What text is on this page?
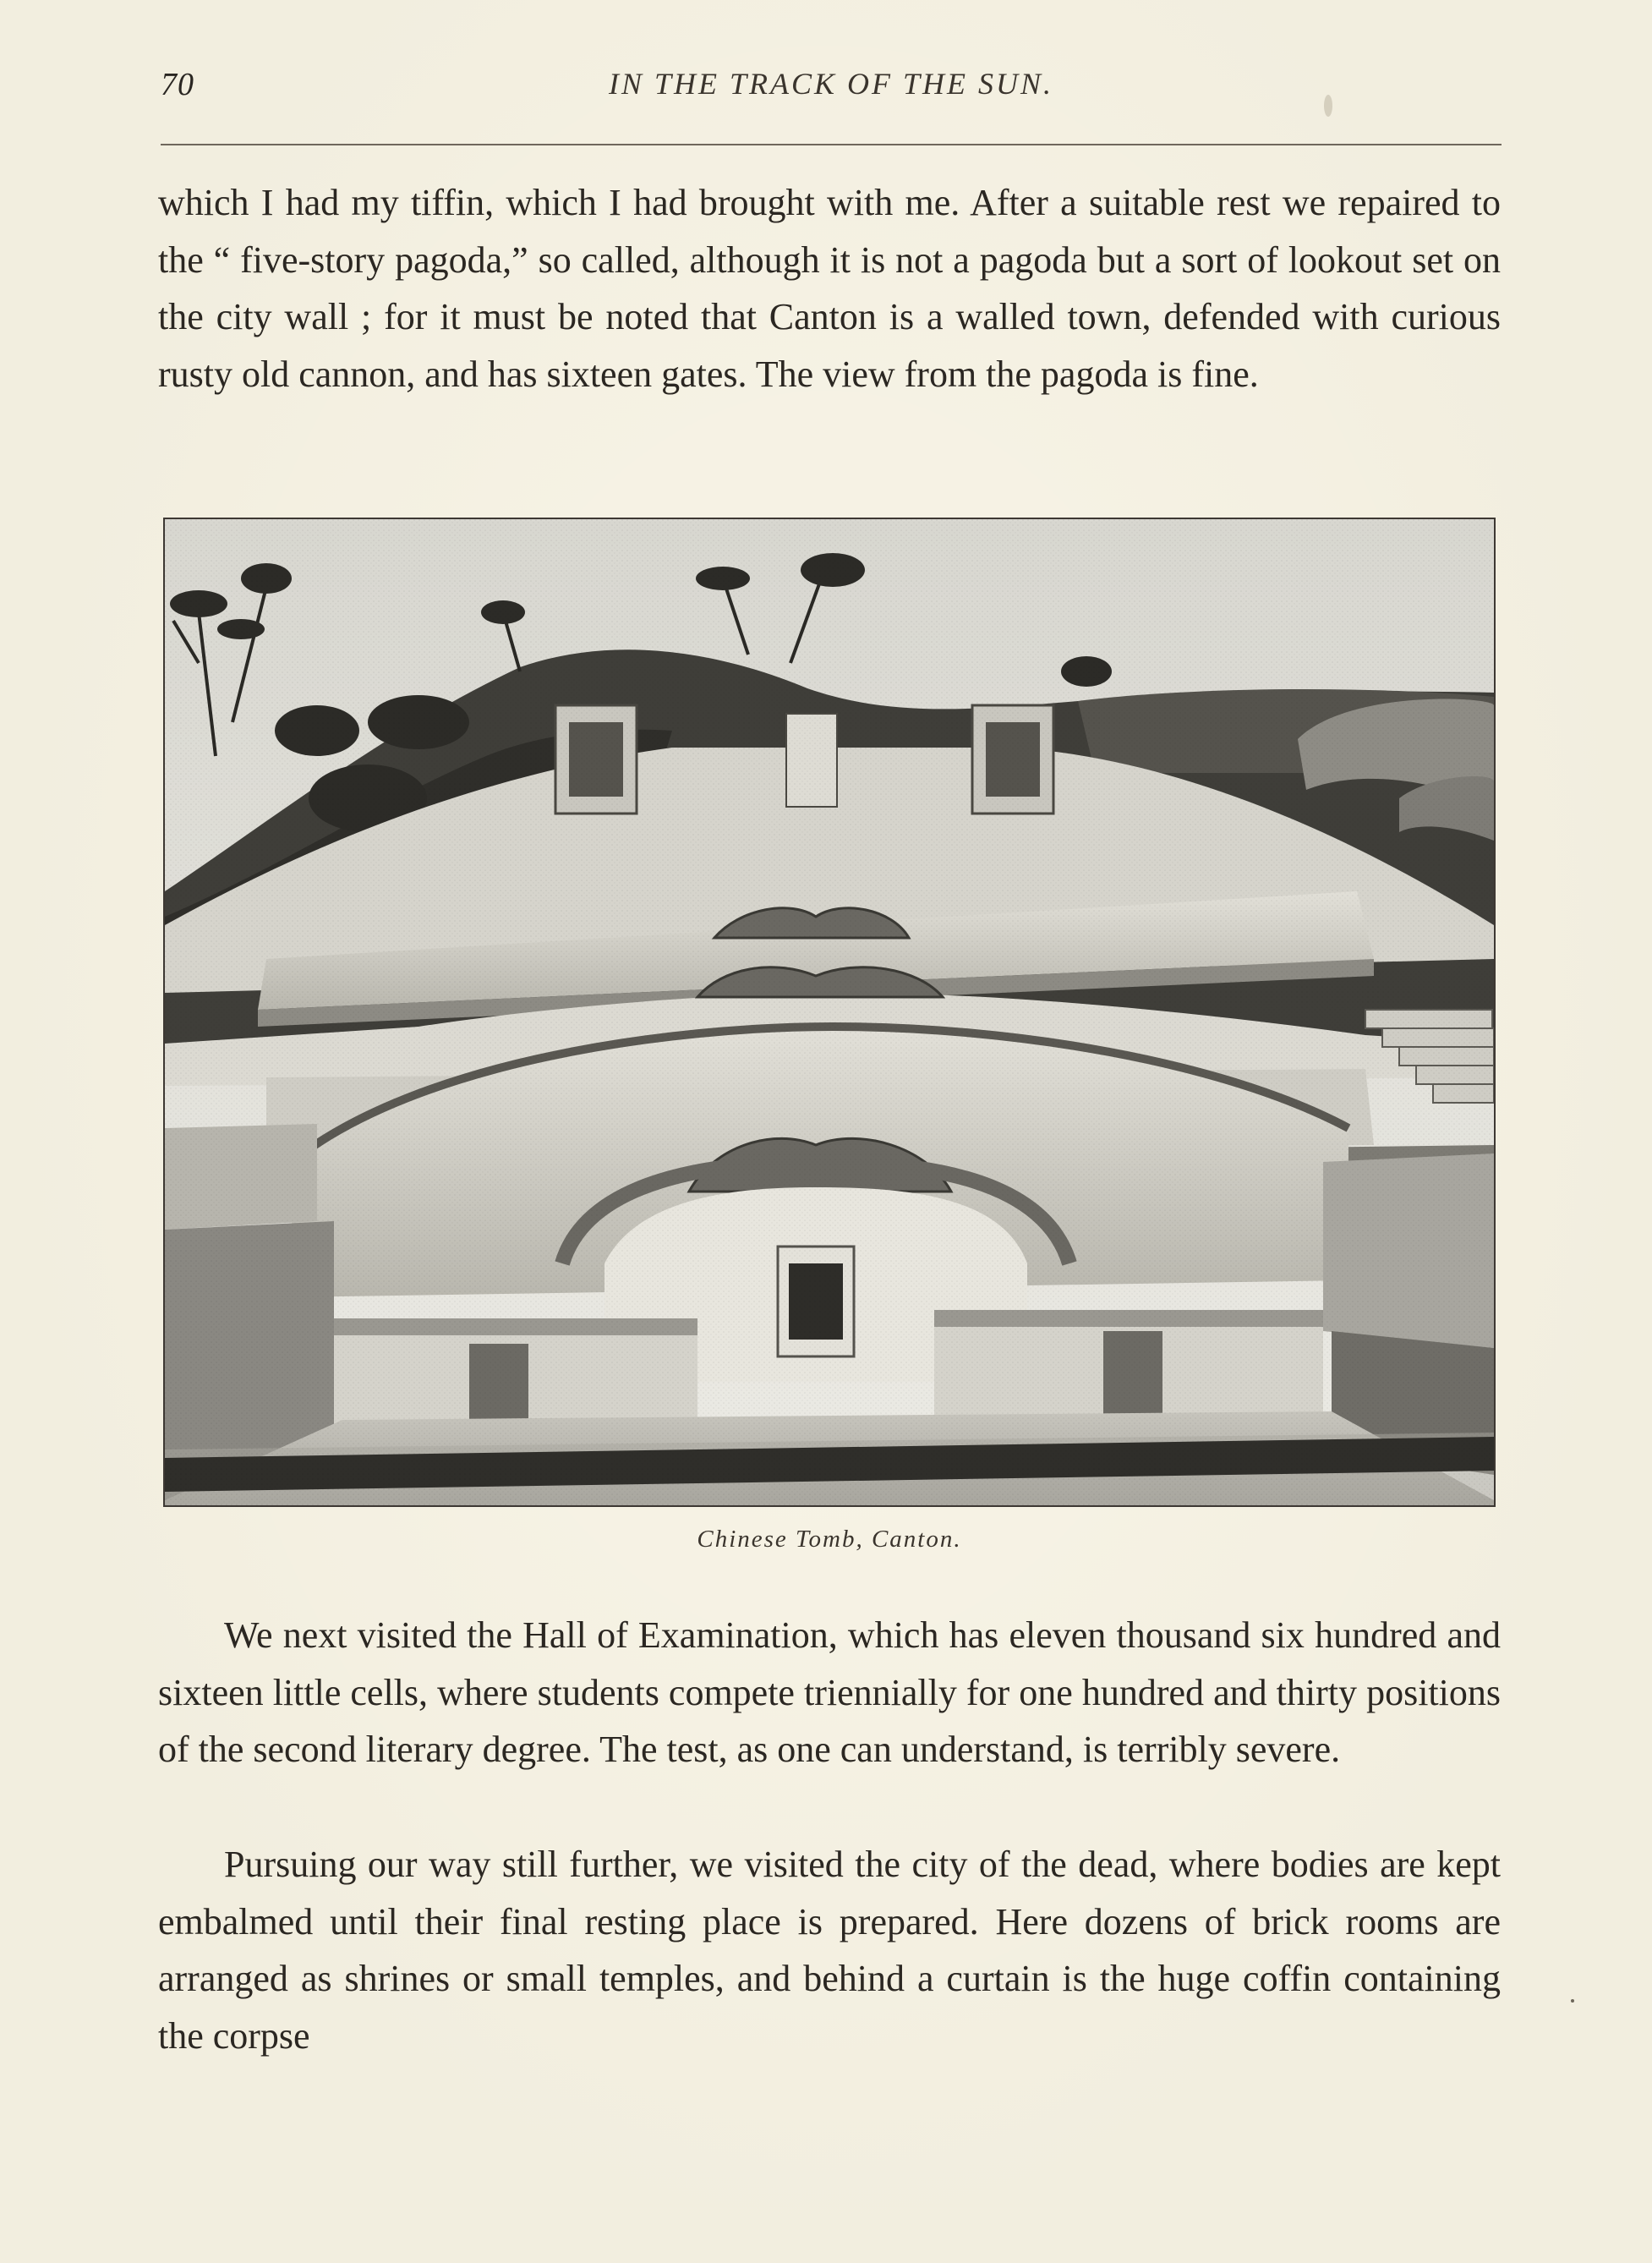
70	IN THE TRACK OF THE SUN.

which I had my tiffin, which I had brought with me. After a suitable rest we repaired to the “ five-story pagoda,” so called, although it is not a pagoda but a sort of lookout set on the city wall ; for it must be noted that Canton is a walled town, defended with curious rusty old cannon, and has sixteen gates. The view from the pagoda is fine.

Chinese Tomb, Canton.

We next visited the Hall of Examination, which has eleven thousand six hundred and sixteen little cells, where students compete triennially for one hundred and thirty positions of the second literary degree. The test, as one can understand, is terribly severe.

Pursuing our way still further, we visited the city of the dead, where bodies are kept embalmed until their final resting place is prepared. Here dozens of brick rooms are arranged as shrines or small temples, and behind a curtain is the huge coffin containing the corpse
